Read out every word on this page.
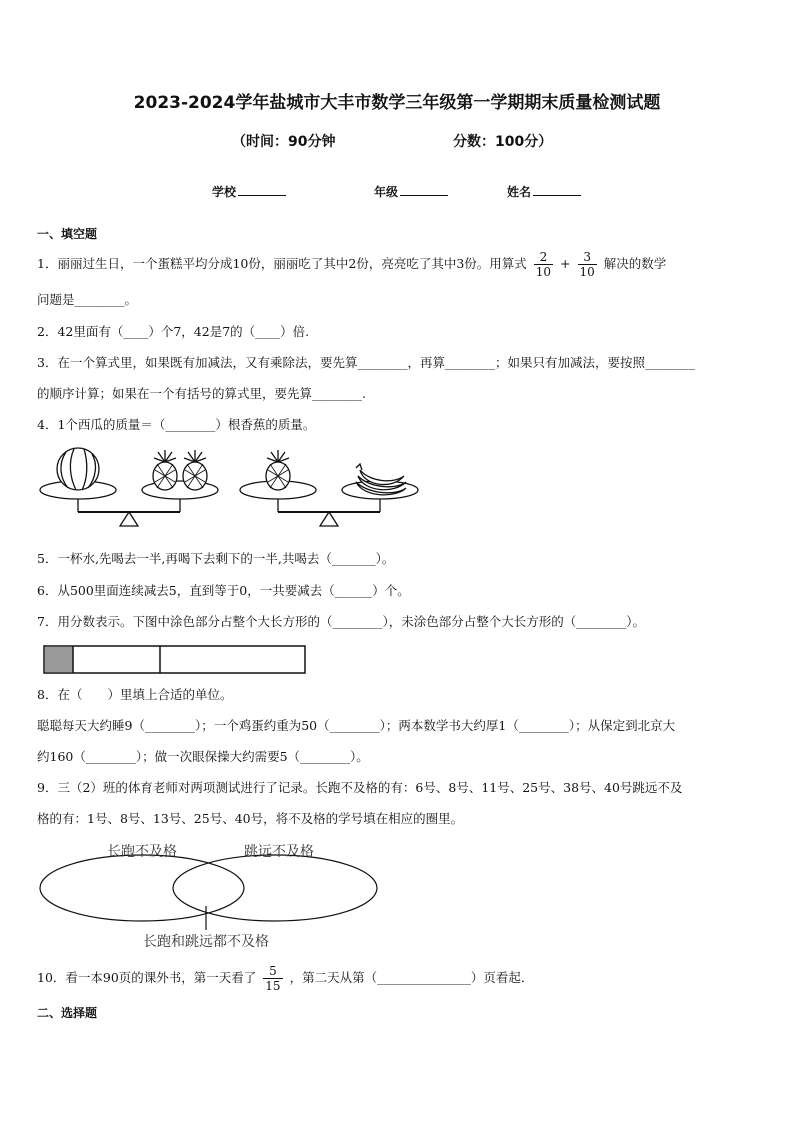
2023-2024学年盐城市大丰市数学三年级第一学期期末质量检测试题
（时间：90分钟	分数：100分）
学校	年级	姓名
一、填空题
1．丽丽过生日，一个蛋糕平均分成10份，丽丽吃了其中2份，亮亮吃了其中3份。用算式 $\frac{2}{10} + \frac{3}{10}$ 解决的数学
问题是________。
2．42里面有（____）个7，42是7的（____）倍.
3．在一个算式里，如果既有加减法，又有乘除法，要先算________，再算________；如果只有加减法，要按照________
的顺序计算；如果在一个有括号的算式里，要先算________.
4．1个西瓜的质量＝（________）根香蕉的质量。
5．一杯水,先喝去一半,再喝下去剩下的一半,共喝去（_______）。
6．从500里面连续减去5，直到等于0，一共要减去（______）个。
7．用分数表示。下图中涂色部分占整个大长方形的（________），未涂色部分占整个大长方形的（________）。
8．在（　　）里填上合适的单位。
聪聪每天大约睡9（________）；一个鸡蛋约重为50（________）；两本数学书大约厚1（________）；从保定到北京大
约160（________）；做一次眼保操大约需要5（________）。
9．三（2）班的体育老师对两项测试进行了记录。长跑不及格的有：6号、8号、11号、25号、38号、40号跳远不及
格的有：1号、8号、13号、25号、40号，将不及格的学号填在相应的圈里。
长跑不及格	跳远不及格
长跑和跳远都不及格
10．看一本90页的课外书，第一天看了 $\frac{5}{15}$ ，第二天从第（_______________）页看起．
二、选择题
